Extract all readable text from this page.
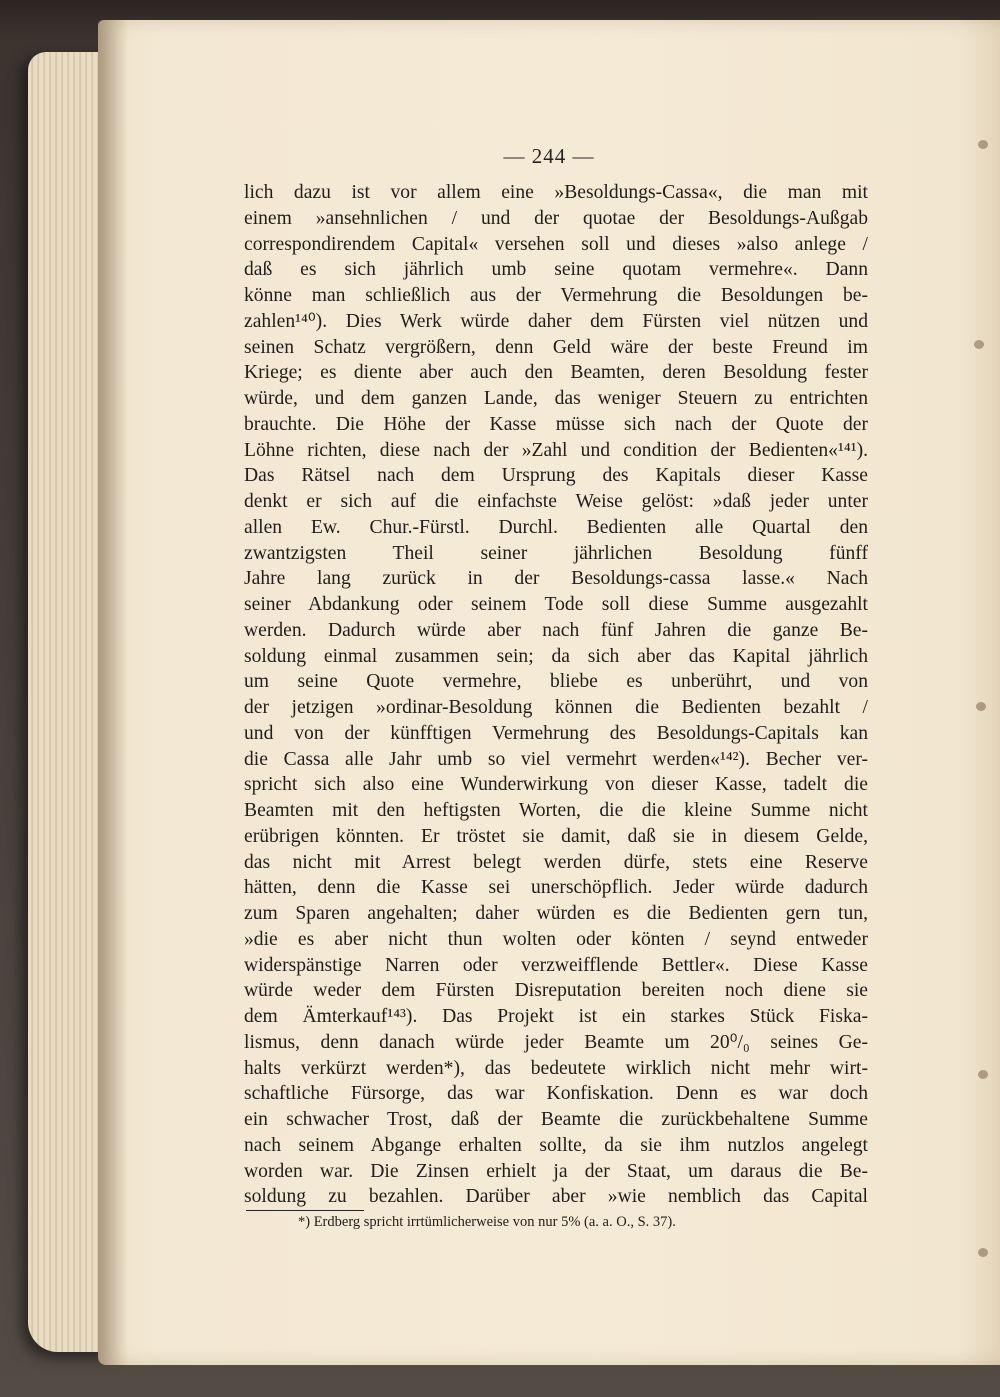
— 244 —
*) Erdberg spricht irrtümlicherweise von nur 5% (a. a. O., S. 37).
lich dazu ist vor allem eine »Besoldungs-Cassa«, die man mit
einem »ansehnlichen / und der quotae der Besoldungs-Außgab
correspondirendem Capital« versehen soll und dieses »also anlege /
daß es sich jährlich umb seine quotam vermehre«. Dann
könne man schließlich aus der Vermehrung die Besoldungen be-
zahlen¹⁴⁰). Dies Werk würde daher dem Fürsten viel nützen und
seinen Schatz vergrößern, denn Geld wäre der beste Freund im
Kriege; es diente aber auch den Beamten, deren Besoldung fester
würde, und dem ganzen Lande, das weniger Steuern zu entrichten
brauchte. Die Höhe der Kasse müsse sich nach der Quote der
Löhne richten, diese nach der »Zahl und condition der Bedienten«¹⁴¹).
Das Rätsel nach dem Ursprung des Kapitals dieser Kasse
denkt er sich auf die einfachste Weise gelöst: »daß jeder unter
allen Ew. Chur.-Fürstl. Durchl. Bedienten alle Quartal den
zwantzigsten Theil seiner jährlichen Besoldung fünff
Jahre lang zurück in der Besoldungs-cassa lasse.« Nach
seiner Abdankung oder seinem Tode soll diese Summe ausgezahlt
werden. Dadurch würde aber nach fünf Jahren die ganze Be-
soldung einmal zusammen sein; da sich aber das Kapital jährlich
um seine Quote vermehre, bliebe es unberührt, und von
der jetzigen »ordinar-Besoldung können die Bedienten bezahlt /
und von der künfftigen Vermehrung des Besoldungs-Capitals kan
die Cassa alle Jahr umb so viel vermehrt werden«¹⁴²). Becher ver-
spricht sich also eine Wunderwirkung von dieser Kasse, tadelt die
Beamten mit den heftigsten Worten, die die kleine Summe nicht
erübrigen könnten. Er tröstet sie damit, daß sie in diesem Gelde,
das nicht mit Arrest belegt werden dürfe, stets eine Reserve
hätten, denn die Kasse sei unerschöpflich. Jeder würde dadurch
zum Sparen angehalten; daher würden es die Bedienten gern tun,
»die es aber nicht thun wolten oder könten / seynd entweder
widerspänstige Narren oder verzweifflende Bettler«. Diese Kasse
würde weder dem Fürsten Disreputation bereiten noch diene sie
dem Ämterkauf¹⁴³). Das Projekt ist ein starkes Stück Fiska-
lismus, denn danach würde jeder Beamte um 20⁰/₀ seines Ge-
halts verkürzt werden*), das bedeutete wirklich nicht mehr wirt-
schaftliche Fürsorge, das war Konfiskation. Denn es war doch
ein schwacher Trost, daß der Beamte die zurückbehaltene Summe
nach seinem Abgange erhalten sollte, da sie ihm nutzlos angelegt
worden war. Die Zinsen erhielt ja der Staat, um daraus die Be-
soldung zu bezahlen. Darüber aber »wie nemblich das Capital
